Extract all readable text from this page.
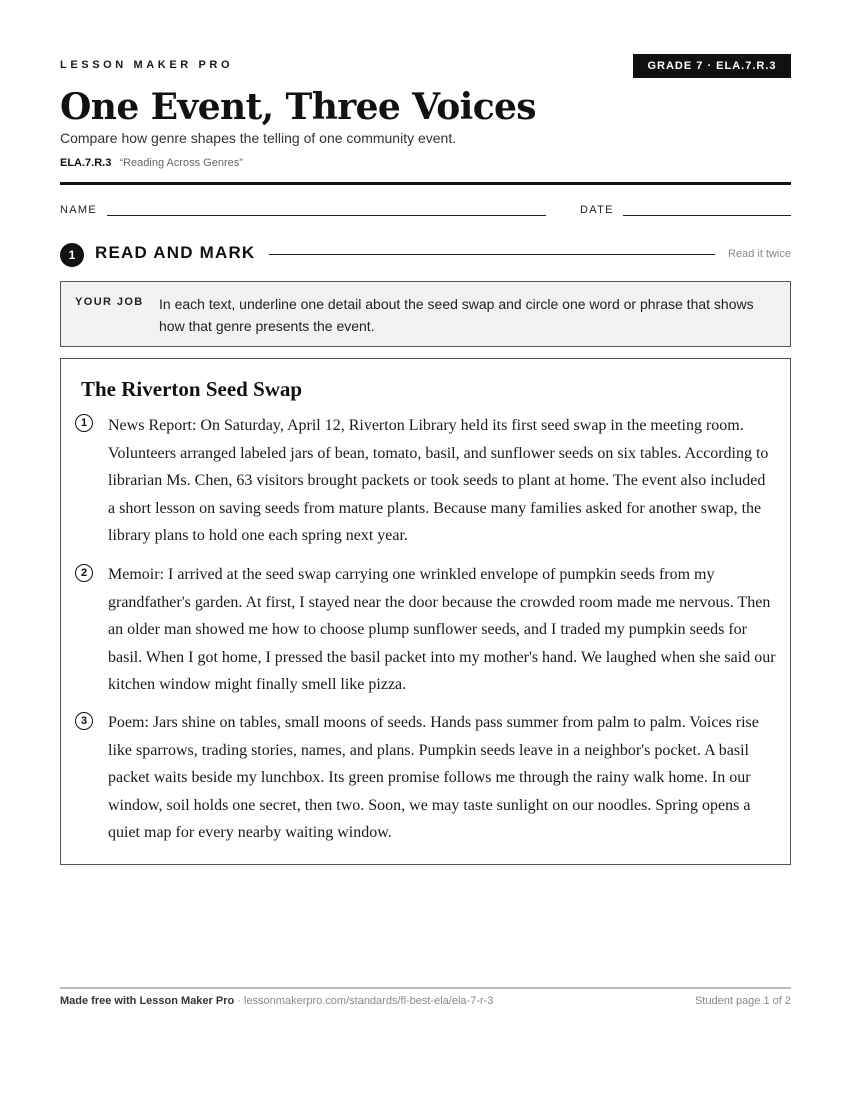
LESSON MAKER PRO	GRADE 7 · ELA.7.R.3
One Event, Three Voices
Compare how genre shapes the telling of one community event.
ELA.7.R.3 “Reading Across Genres”
NAME	DATE
1	READ AND MARK	Read it twice
YOUR JOB In each text, underline one detail about the seed swap and circle one word or phrase that shows how that genre presents the event.
The Riverton Seed Swap
1	News Report: On Saturday, April 12, Riverton Library held its first seed swap in the meeting room. Volunteers arranged labeled jars of bean, tomato, basil, and sunflower seeds on six tables. According to librarian Ms. Chen, 63 visitors brought packets or took seeds to plant at home. The event also included a short lesson on saving seeds from mature plants. Because many families asked for another swap, the library plans to hold one each spring next year.
2	Memoir: I arrived at the seed swap carrying one wrinkled envelope of pumpkin seeds from my grandfather's garden. At first, I stayed near the door because the crowded room made me nervous. Then an older man showed me how to choose plump sunflower seeds, and I traded my pumpkin seeds for basil. When I got home, I pressed the basil packet into my mother's hand. We laughed when she said our kitchen window might finally smell like pizza.
3	Poem: Jars shine on tables, small moons of seeds. Hands pass summer from palm to palm. Voices rise like sparrows, trading stories, names, and plans. Pumpkin seeds leave in a neighbor's pocket. A basil packet waits beside my lunchbox. Its green promise follows me through the rainy walk home. In our window, soil holds one secret, then two. Soon, we may taste sunlight on our noodles. Spring opens a quiet map for every nearby waiting window.
Made free with Lesson Maker Pro · lessonmakerpro.com/standards/fl-best-ela/ela-7-r-3	Student page 1 of 2
